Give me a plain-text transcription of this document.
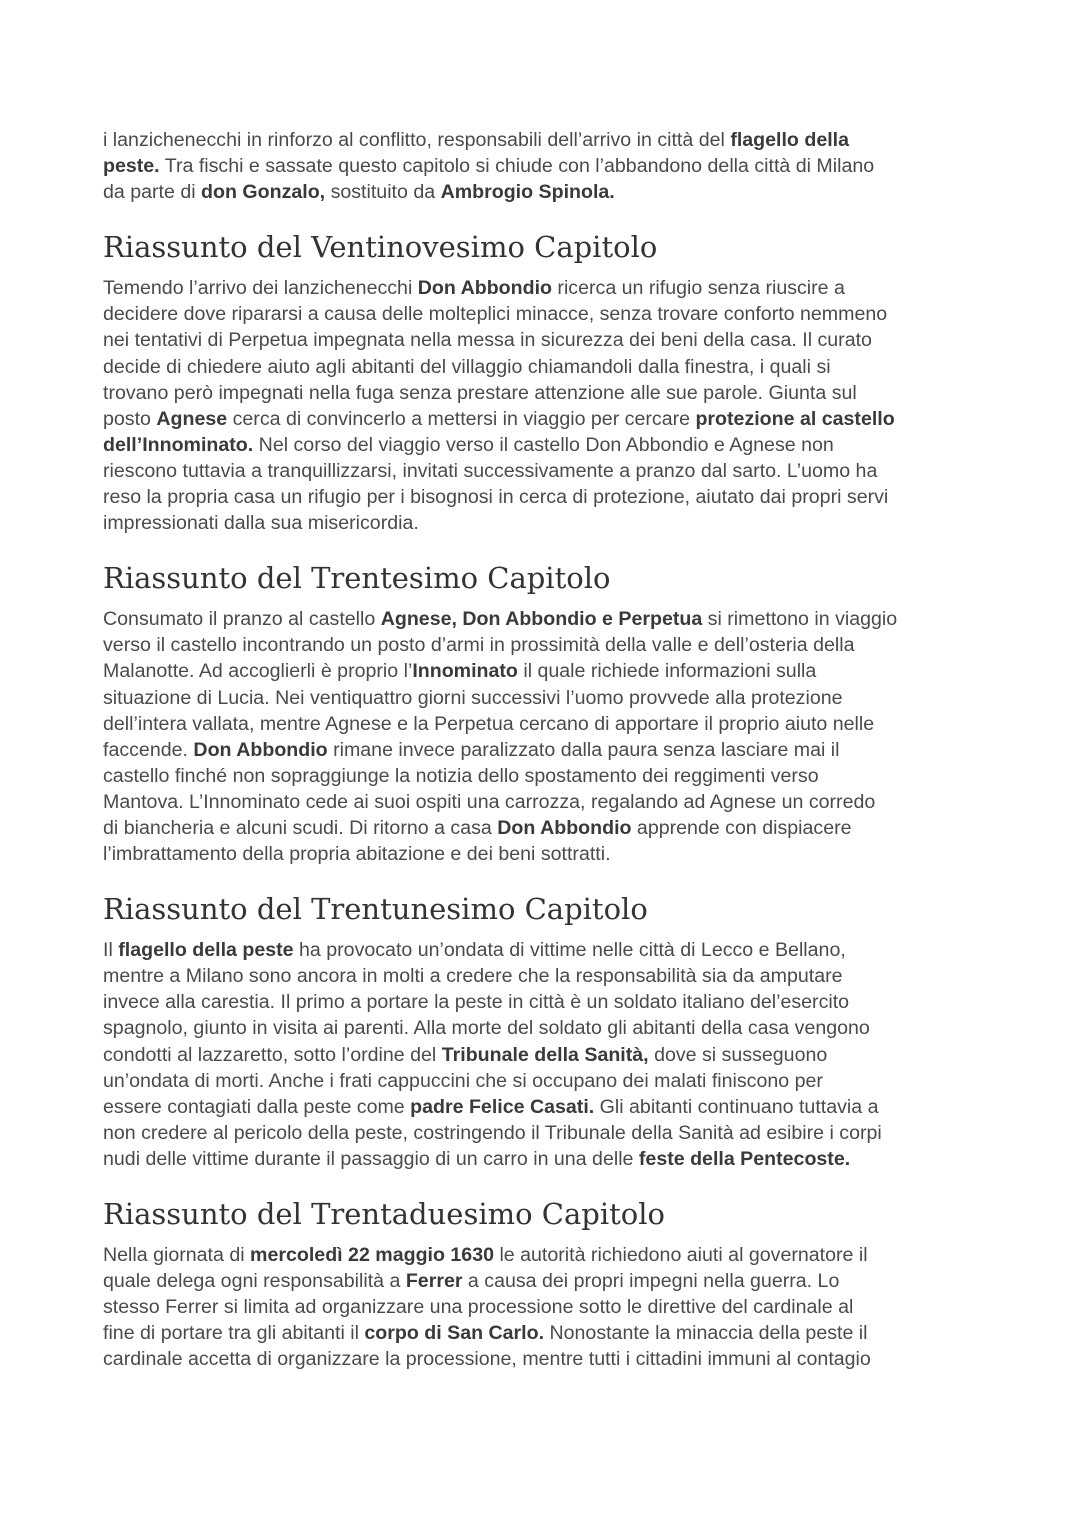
i lanzichenecchi in rinforzo al conflitto, responsabili dell’arrivo in città del flagello della
peste. Tra fischi e sassate questo capitolo si chiude con l’abbandono della città di Milano
da parte di don Gonzalo, sostituito da Ambrogio Spinola.

Riassunto del Ventinovesimo Capitolo

Temendo l’arrivo dei lanzichenecchi Don Abbondio ricerca un rifugio senza riuscire a
decidere dove ripararsi a causa delle molteplici minacce, senza trovare conforto nemmeno
nei tentativi di Perpetua impegnata nella messa in sicurezza dei beni della casa. Il curato
decide di chiedere aiuto agli abitanti del villaggio chiamandoli dalla finestra, i quali si
trovano però impegnati nella fuga senza prestare attenzione alle sue parole. Giunta sul
posto Agnese cerca di convincerlo a mettersi in viaggio per cercare protezione al castello
dell’Innominato. Nel corso del viaggio verso il castello Don Abbondio e Agnese non
riescono tuttavia a tranquillizzarsi, invitati successivamente a pranzo dal sarto. L’uomo ha
reso la propria casa un rifugio per i bisognosi in cerca di protezione, aiutato dai propri servi
impressionati dalla sua misericordia.

Riassunto del Trentesimo Capitolo

Consumato il pranzo al castello Agnese, Don Abbondio e Perpetua si rimettono in viaggio
verso il castello incontrando un posto d’armi in prossimità della valle e dell’osteria della
Malanotte. Ad accoglierli è proprio l’Innominato il quale richiede informazioni sulla
situazione di Lucia. Nei ventiquattro giorni successivi l’uomo provvede alla protezione
dell’intera vallata, mentre Agnese e la Perpetua cercano di apportare il proprio aiuto nelle
faccende. Don Abbondio rimane invece paralizzato dalla paura senza lasciare mai il
castello finché non sopraggiunge la notizia dello spostamento dei reggimenti verso
Mantova. L’Innominato cede ai suoi ospiti una carrozza, regalando ad Agnese un corredo
di biancheria e alcuni scudi. Di ritorno a casa Don Abbondio apprende con dispiacere
l’imbrattamento della propria abitazione e dei beni sottratti.

Riassunto del Trentunesimo Capitolo

Il flagello della peste ha provocato un’ondata di vittime nelle città di Lecco e Bellano,
mentre a Milano sono ancora in molti a credere che la responsabilità sia da amputare
invece alla carestia. Il primo a portare la peste in città è un soldato italiano del’esercito
spagnolo, giunto in visita ai parenti. Alla morte del soldato gli abitanti della casa vengono
condotti al lazzaretto, sotto l’ordine del Tribunale della Sanità, dove si susseguono
un’ondata di morti. Anche i frati cappuccini che si occupano dei malati finiscono per
essere contagiati dalla peste come padre Felice Casati. Gli abitanti continuano tuttavia a
non credere al pericolo della peste, costringendo il Tribunale della Sanità ad esibire i corpi
nudi delle vittime durante il passaggio di un carro in una delle feste della Pentecoste.

Riassunto del Trentaduesimo Capitolo

Nella giornata di mercoledì 22 maggio 1630 le autorità richiedono aiuti al governatore il
quale delega ogni responsabilità a Ferrer a causa dei propri impegni nella guerra. Lo
stesso Ferrer si limita ad organizzare una processione sotto le direttive del cardinale al
fine di portare tra gli abitanti il corpo di San Carlo. Nonostante la minaccia della peste il
cardinale accetta di organizzare la processione, mentre tutti i cittadini immuni al contagio
